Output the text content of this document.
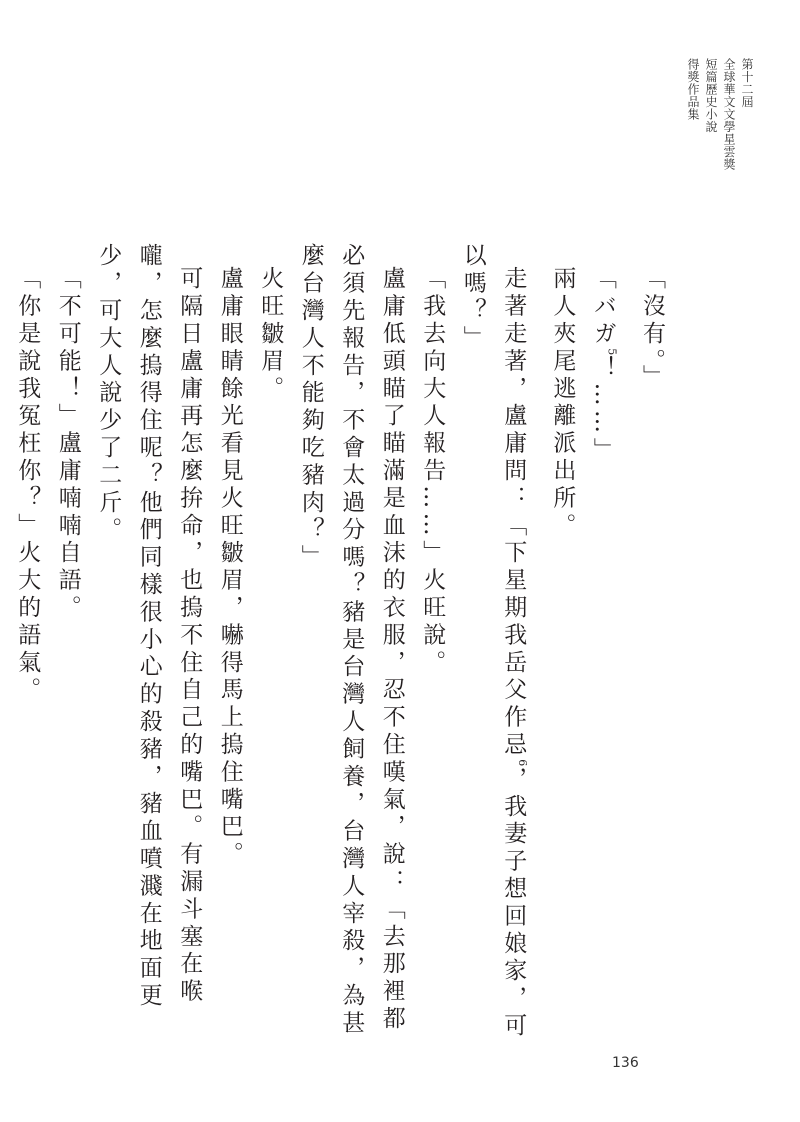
第十二屆
全球華文文學星雲獎
短篇歷史小說
得獎作品集

「沒有。」

「バガ$^5$！……」

兩人夾尾逃離派出所。

走著走著，盧庸問：「下星期我岳父作忌$^6$，我妻子想回娘家，可以嗎？」

「我去向大人報告……」火旺說。

盧庸低頭瞄了瞄滿是血沫的衣服，忍不住嘆氣，說：「去那裡都必須先報告，不會太過分嗎？豬是台灣人飼養，台灣人宰殺，為甚麼台灣人不能夠吃豬肉？」

火旺皺眉。

盧庸眼睛餘光看見火旺皺眉，嚇得馬上摀住嘴巴。

可隔日盧庸再怎麼拚命，也摀不住自己的嘴巴。有漏斗塞在喉嚨，怎麼摀得住呢？他們同樣很小心的殺豬，豬血噴濺在地面更少，可大人說少了二斤。

「不可能！」盧庸喃喃自語。

「你是說我冤枉你？」火大的語氣。

136
